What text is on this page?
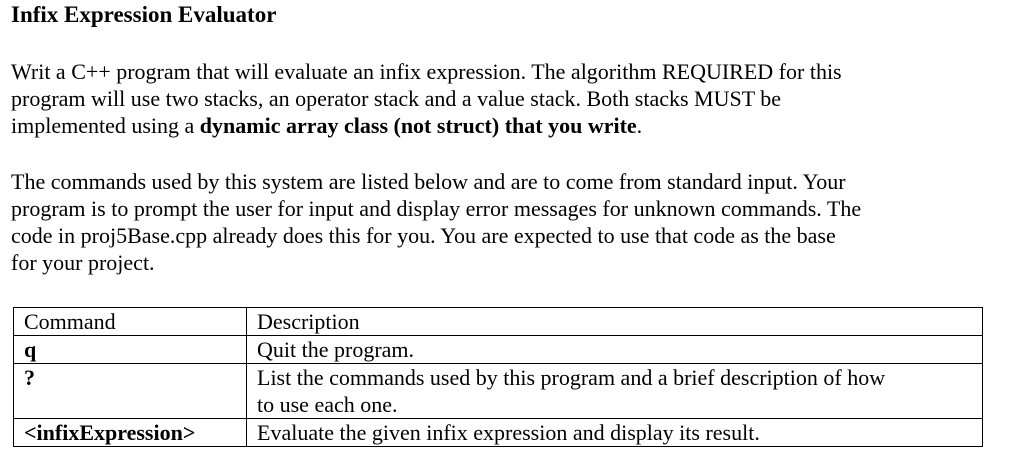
Infix Expression Evaluator

Writ a C++ program that will evaluate an infix expression. The algorithm REQUIRED for this
program will use two stacks, an operator stack and a value stack. Both stacks MUST be
implemented using a dynamic array class (not struct) that you write.

The commands used by this system are listed below and are to come from standard input. Your
program is to prompt the user for input and display error messages for unknown commands. The
code in proj5Base.cpp already does this for you. You are expected to use that code as the base
for your project.

Command	Description
q	Quit the program.
?	List the commands used by this program and a brief description of how
to use each one.

<infixExpression>	Evaluate the given infix expression and display its result.
